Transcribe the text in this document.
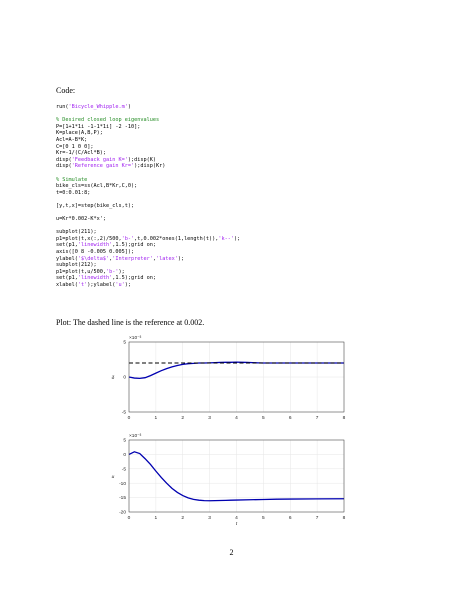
Code:
run('Bicycle_Whipple.m')

% Desired closed loop eigenvalues
P=[1+1*1i -1-1*1i] -2 -10];
K=place(A,B,P);
Acl=A-B*K;
C=[0 1 0 0];
Kr=-1/(C/Acl*B);
disp('Feedback gain K=');disp(K)
disp('Reference gain Kr=');disp(Kr)

% Simulate
bike_cls=ss(Acl,B*Kr,C,0);
t=0:0.01:8;

[y,t,x]=step(bike_cls,t);

u=Kr*0.002-K*x';

subplot(211);
p1=plot(t,x(:,2)/500,'b-',t,0.002*ones(1,length(t)),'k--');
set(p1,'linewidth',1.5);grid on;
axis([0 8 -0.005 0.005]);
ylabel('$\delta$','Interpreter','latex');
subplot(212);
p1=plot(t,u/500,'b-');
set(p1,'linewidth',1.5);grid on;
xlabel('t');ylabel('u');
Plot: The dashed line is the reference at 0.002.
0	1	2	3	4	5	6	7	8
-5
0
5
×10⁻³
δ
0	1	2	3	4	5	6	7	8
-20
-15
-10
-5
0
5
×10⁻³
u
t
2
